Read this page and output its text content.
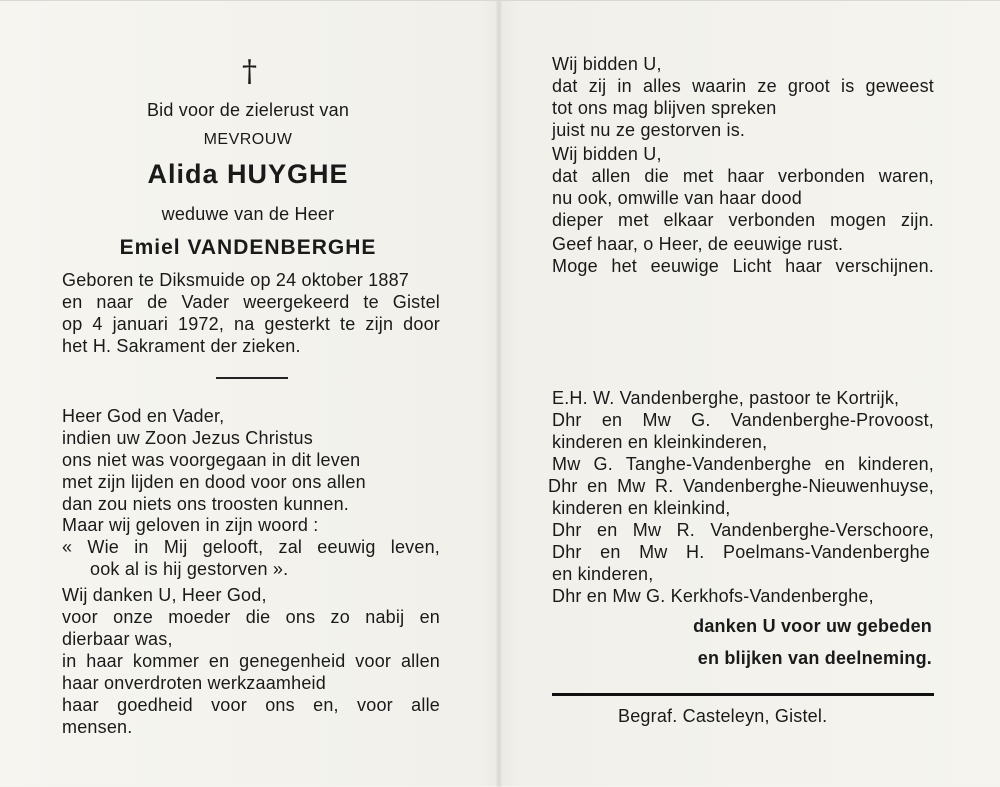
†
Bid voor de zielerust van
MEVROUW
Alida HUYGHE
weduwe van de Heer
Emiel VANDENBERGHE
Geboren te Diksmuide op 24 oktober 1887
en naar de Vader weergekeerd te Gistel
op 4 januari 1972, na gesterkt te zijn door
het H. Sakrament der zieken.
Heer God en Vader,
indien uw Zoon Jezus Christus
ons niet was voorgegaan in dit leven
met zijn lijden en dood voor ons allen
dan zou niets ons troosten kunnen.
Maar wij geloven in zijn woord :
« Wie in Mij gelooft, zal eeuwig leven,
ook al is hij gestorven ».
Wij danken U, Heer God,
voor onze moeder die ons zo nabij en
dierbaar was,
in haar kommer en genegenheid voor allen
haar onverdroten werkzaamheid
haar goedheid voor ons en, voor alle
mensen.
Wij bidden U,
dat zij in alles waarin ze groot is geweest
tot ons mag blijven spreken
juist nu ze gestorven is.
Wij bidden U,
dat allen die met haar verbonden waren,
nu ook, omwille van haar dood
dieper met elkaar verbonden mogen zijn.
Geef haar, o Heer, de eeuwige rust.
Moge het eeuwige Licht haar verschijnen.
E.H. W. Vandenberghe, pastoor te Kortrijk,
Dhr en Mw G. Vandenberghe-Provoost,
kinderen en kleinkinderen,
Mw G. Tanghe-Vandenberghe en kinderen,
Dhr en Mw R. Vandenberghe-Nieuwenhuyse,
kinderen en kleinkind,
Dhr en Mw R. Vandenberghe-Verschoore,
Dhr en Mw H. Poelmans-Vandenberghe
en kinderen,
Dhr en Mw G. Kerkhofs-Vandenberghe,
danken U voor uw gebeden
en blijken van deelneming.
Begraf. Casteleyn, Gistel.
